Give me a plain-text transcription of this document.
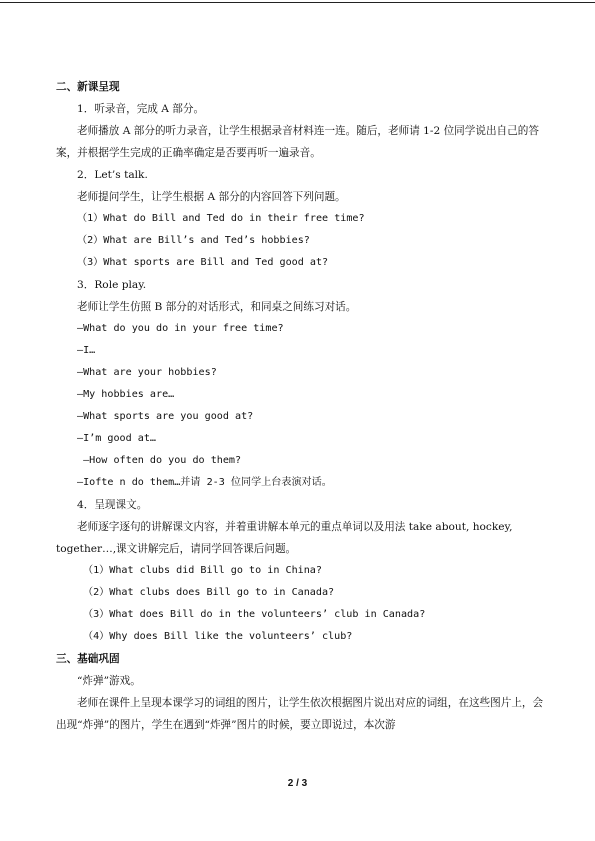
二、新课呈现
1．听录音，完成 A 部分。
老师播放 A 部分的听力录音，让学生根据录音材料连一连。随后，老师请 1-2 位同学说出自己的答案，并根据学生完成的正确率确定是否要再听一遍录音。
2．Let’s talk.
老师提问学生，让学生根据 A 部分的内容回答下列问题。
（1）What do Bill and Ted do in their free time?
（2）What are Bill’s and Ted’s hobbies?
（3）What sports are Bill and Ted good at?
3．Role play.
老师让学生仿照 B 部分的对话形式，和同桌之间练习对话。
—What do you do in your free time?
—I…
—What are your hobbies?
—My hobbies are…
—What sports are you good at?
—I’m good at…
—How often do you do them?
—Iofte n do them…并请 2-3 位同学上台表演对话。
4．呈现课文。
老师逐字逐句的讲解课文内容，并着重讲解本单元的重点单词以及用法 take about, hockey, together…,课文讲解完后，请同学回答课后问题。
（1）What clubs did Bill go to in China?
（2）What clubs does Bill go to in Canada?
（3）What does Bill do in the volunteers’ club in Canada?
（4）Why does Bill like the volunteers’ club?
三、基础巩固
“炸弹”游戏。
老师在课件上呈现本课学习的词组的图片，让学生依次根据图片说出对应的词组，在这些图片上，会出现“炸弹”的图片，学生在遇到“炸弹”图片的时候，要立即说过，本次游
2 / 3
